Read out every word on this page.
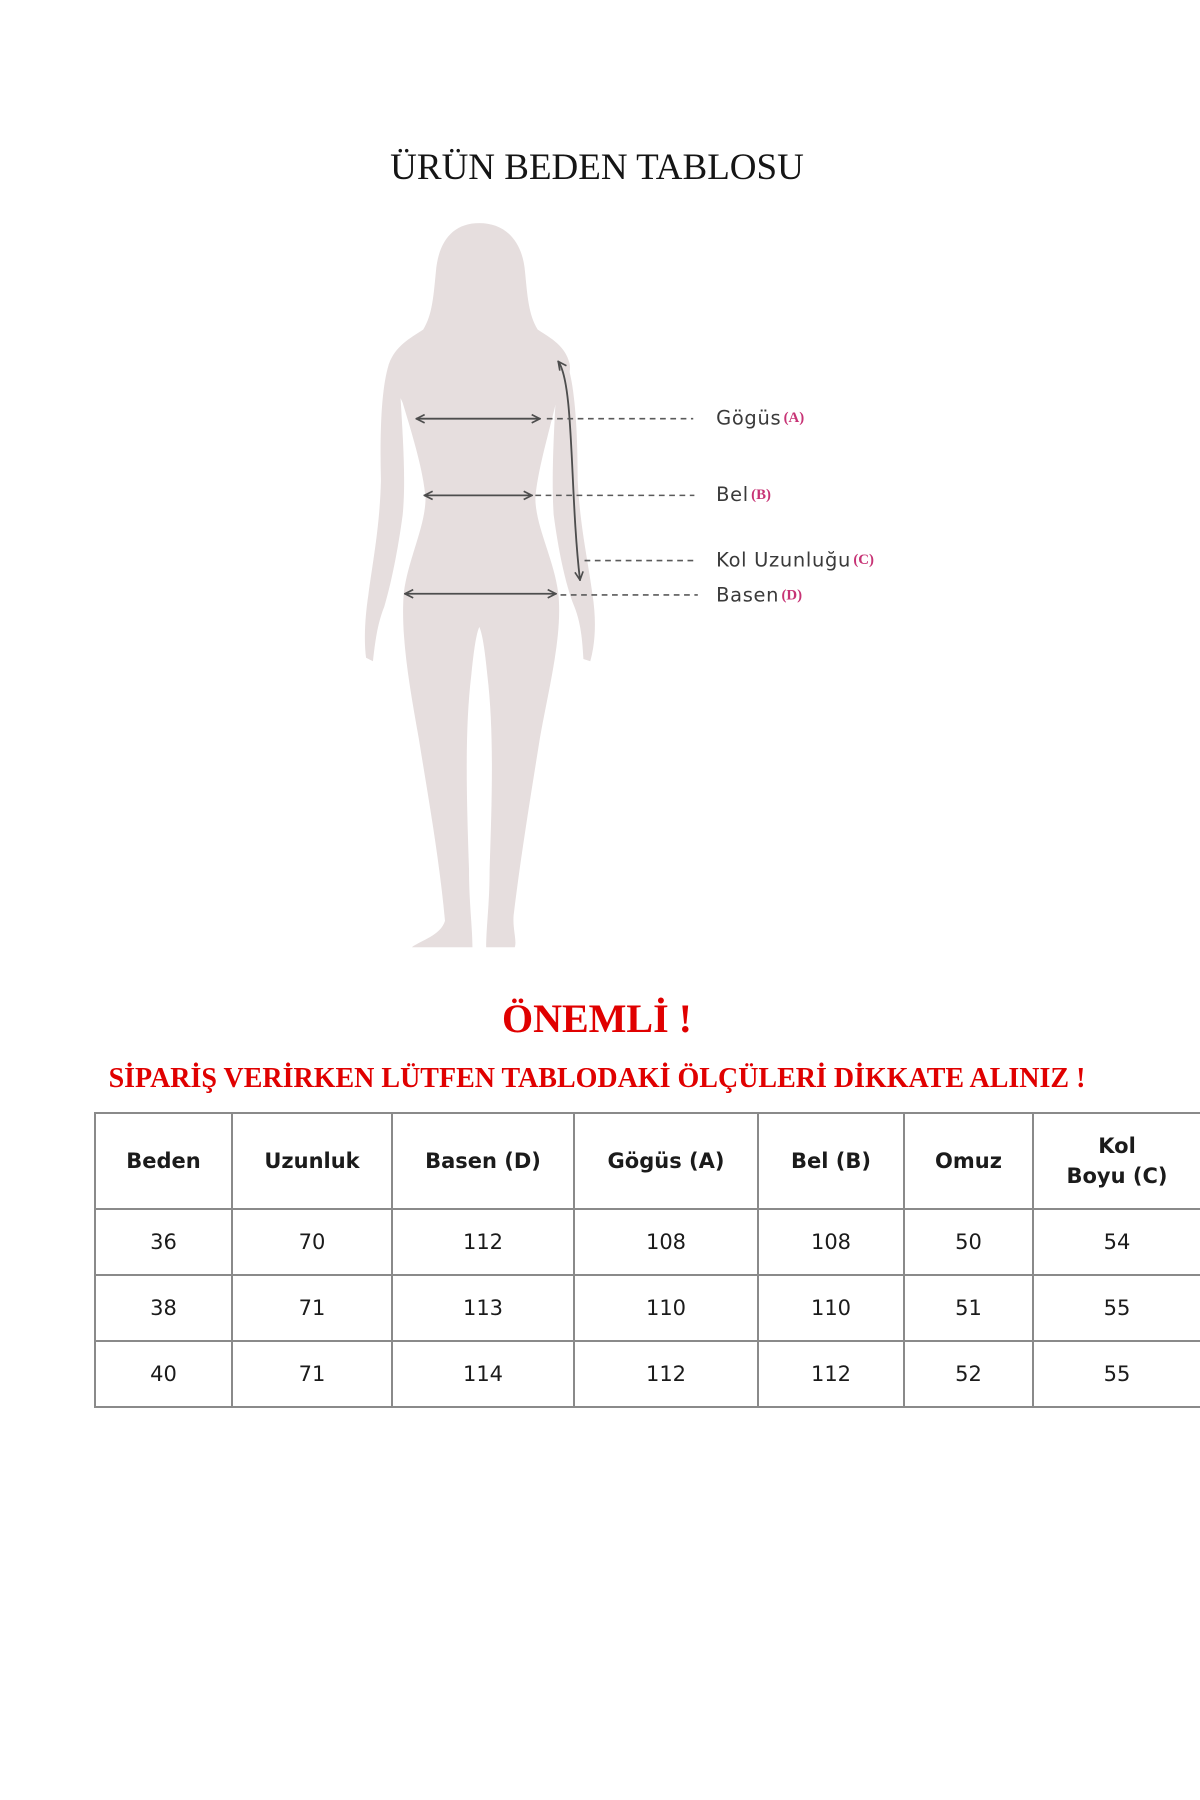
ÜRÜN BEDEN TABLOSU
Gögüs (A)
Bel (B)
Kol Uzunluğu (C)
Basen (D)
ÖNEMLİ !
SİPARİŞ VERİRKEN LÜTFEN TABLODAKİ ÖLÇÜLERİ DİKKATE ALINIZ !
Beden	Uzunluk	Basen (D)	Gögüs (A)	Bel (B)	Omuz	Kol
Boyu (C)
36	70	112	108	108	50	54
38	71	113	110	110	51	55
40	71	114	112	112	52	55
